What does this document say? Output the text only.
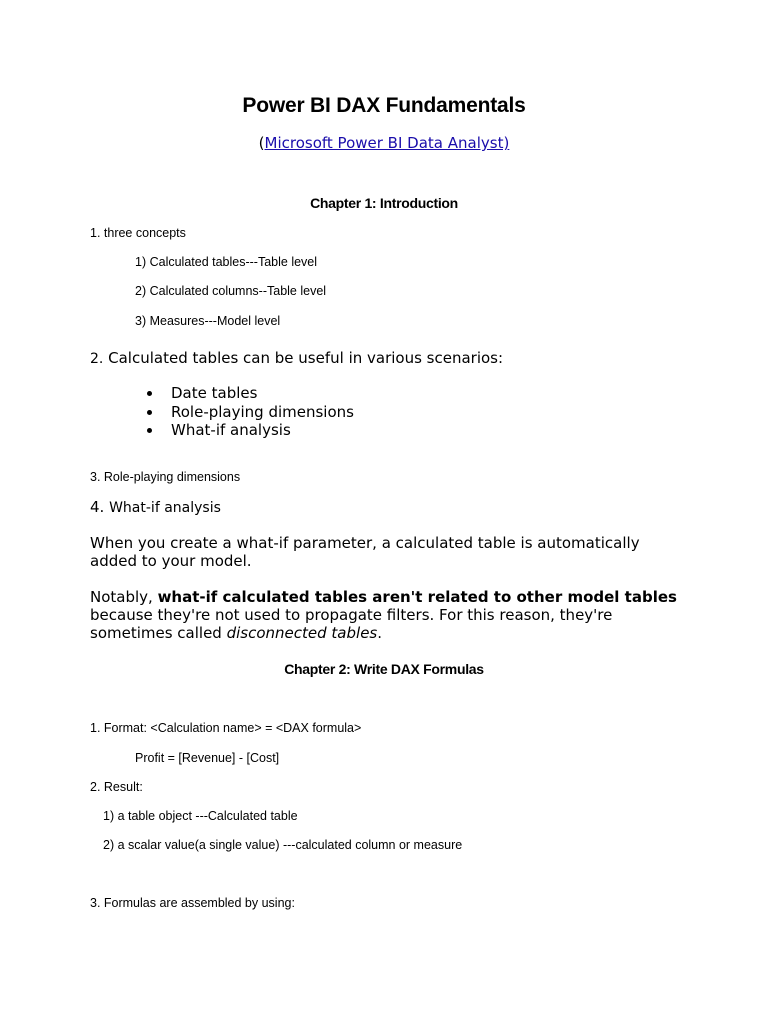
Power BI DAX Fundamentals
(Microsoft Power BI Data Analyst)
Chapter 1: Introduction
1. three concepts
1) Calculated tables---Table level
2) Calculated columns--Table level
3) Measures---Model level
2. Calculated tables can be useful in various scenarios:
Date tables
Role-playing dimensions
What-if analysis
3. Role-playing dimensions
4. What-if analysis
When you create a what-if parameter, a calculated table is automatically added to your model.
Notably, what-if calculated tables aren't related to other model tables because they're not used to propagate filters. For this reason, they're sometimes called disconnected tables.
Chapter 2: Write DAX Formulas
1. Format: <Calculation name> = <DAX formula>
Profit = [Revenue] - [Cost]
2. Result:
1) a table object ---Calculated table
2) a scalar value(a single value) ---calculated column or measure
3. Formulas are assembled by using:
